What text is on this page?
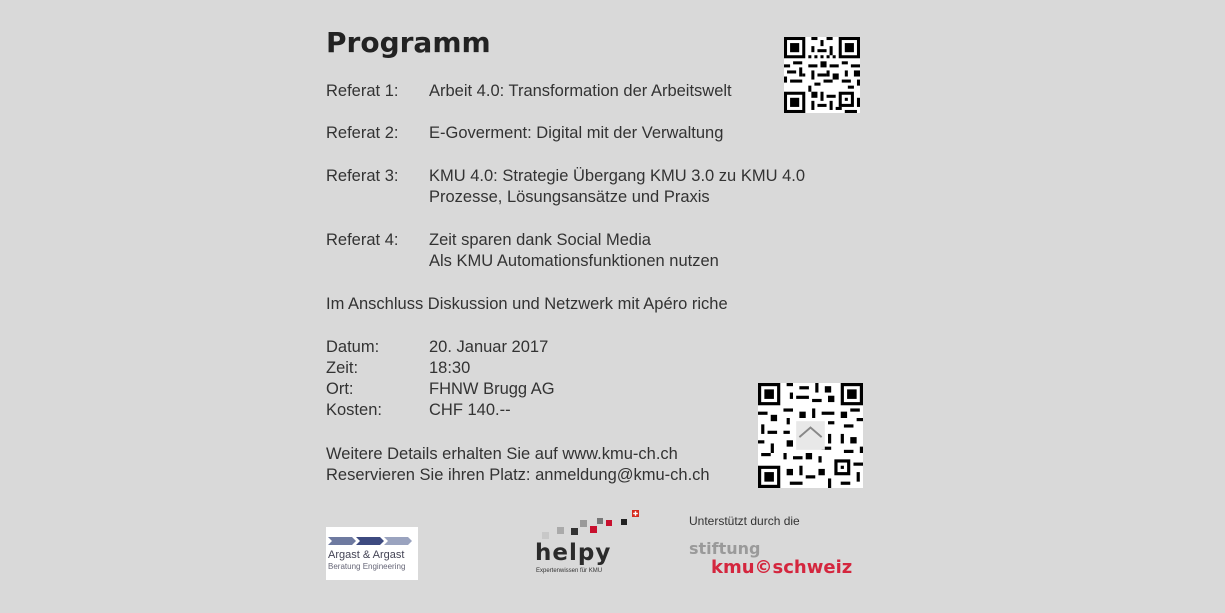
Programm
Referat 1: Arbeit 4.0: Transformation der Arbeitswelt
Referat 2: E-Goverment: Digital mit der Verwaltung
Referat 3: KMU 4.0: Strategie Übergang KMU 3.0 zu KMU 4.0
Prozesse, Lösungsansätze und Praxis
Referat 4: Zeit sparen dank Social Media
Als KMU Automationsfunktionen nutzen
Im Anschluss Diskussion und Netzwerk mit Apéro riche
Datum:	20. Januar 2017
Zeit:	18:30
Ort:	FHNW Brugg AG
Kosten:	CHF 140.--
Weitere Details erhalten Sie auf www.kmu-ch.ch
Reservieren Sie ihren Platz: anmeldung@kmu-ch.ch
Argast & Argast
Beratung Engineering
helpy
Expertenwissen für KMU
Unterstützt durch die
stiftung
kmu©schweiz
